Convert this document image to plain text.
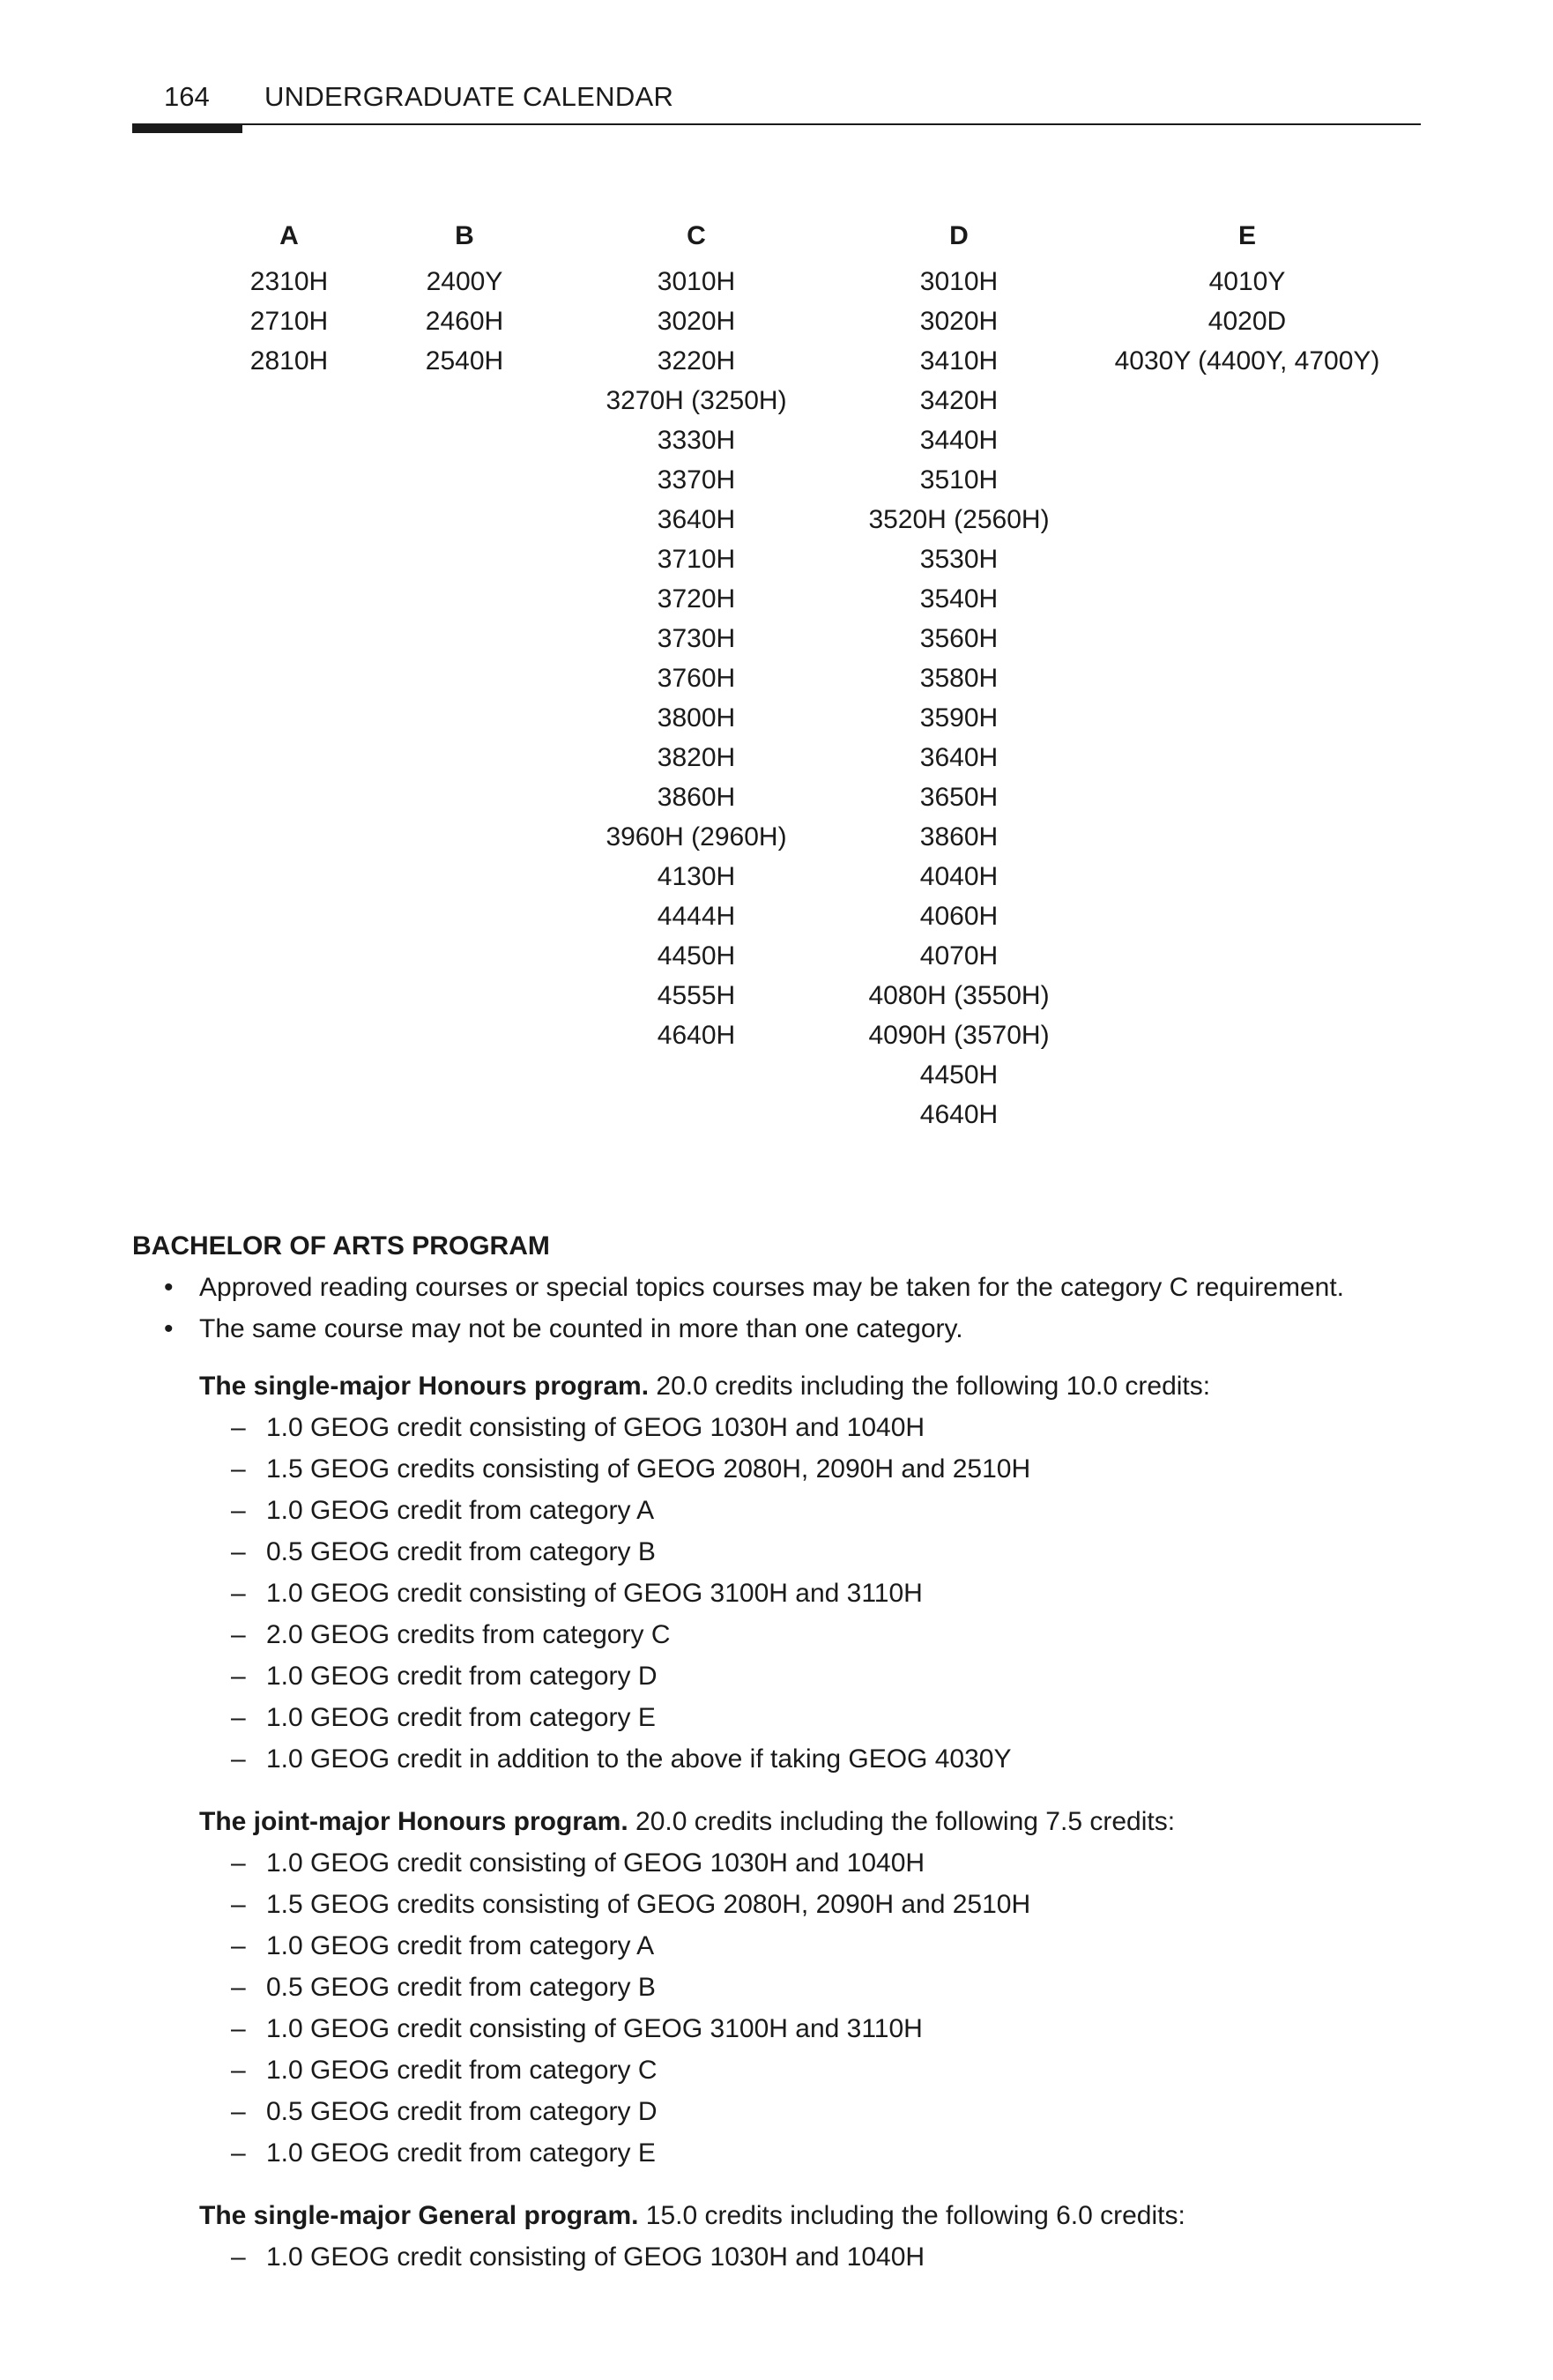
164 UNDERGRADUATE CALENDAR
A
2310H
2710H
2810H
B
2400Y
2460H
2540H
C
3010H
3020H
3220H
3270H (3250H)
3330H
3370H
3640H
3710H
3720H
3730H
3760H
3800H
3820H
3860H
3960H (2960H)
4130H
4444H
4450H
4555H
4640H
D
3010H
3020H
3410H
3420H
3440H
3510H
3520H (2560H)
3530H
3540H
3560H
3580H
3590H
3640H
3650H
3860H
4040H
4060H
4070H
4080H (3550H)
4090H (3570H)
4450H
4640H
E
4010Y
4020D
4030Y (4400Y, 4700Y)
BACHELOR OF ARTS PROGRAM
• Approved reading courses or special topics courses may be taken for the category C requirement.
• The same course may not be counted in more than one category.
The single-major Honours program. 20.0 credits including the following 10.0 credits:
– 1.0 GEOG credit consisting of GEOG 1030H and 1040H
– 1.5 GEOG credits consisting of GEOG 2080H, 2090H and 2510H
– 1.0 GEOG credit from category A
– 0.5 GEOG credit from category B
– 1.0 GEOG credit consisting of GEOG 3100H and 3110H
– 2.0 GEOG credits from category C
– 1.0 GEOG credit from category D
– 1.0 GEOG credit from category E
– 1.0 GEOG credit in addition to the above if taking GEOG 4030Y
The joint-major Honours program. 20.0 credits including the following 7.5 credits:
– 1.0 GEOG credit consisting of GEOG 1030H and 1040H
– 1.5 GEOG credits consisting of GEOG 2080H, 2090H and 2510H
– 1.0 GEOG credit from category A
– 0.5 GEOG credit from category B
– 1.0 GEOG credit consisting of GEOG 3100H and 3110H
– 1.0 GEOG credit from category C
– 0.5 GEOG credit from category D
– 1.0 GEOG credit from category E
The single-major General program. 15.0 credits including the following 6.0 credits:
– 1.0 GEOG credit consisting of GEOG 1030H and 1040H
